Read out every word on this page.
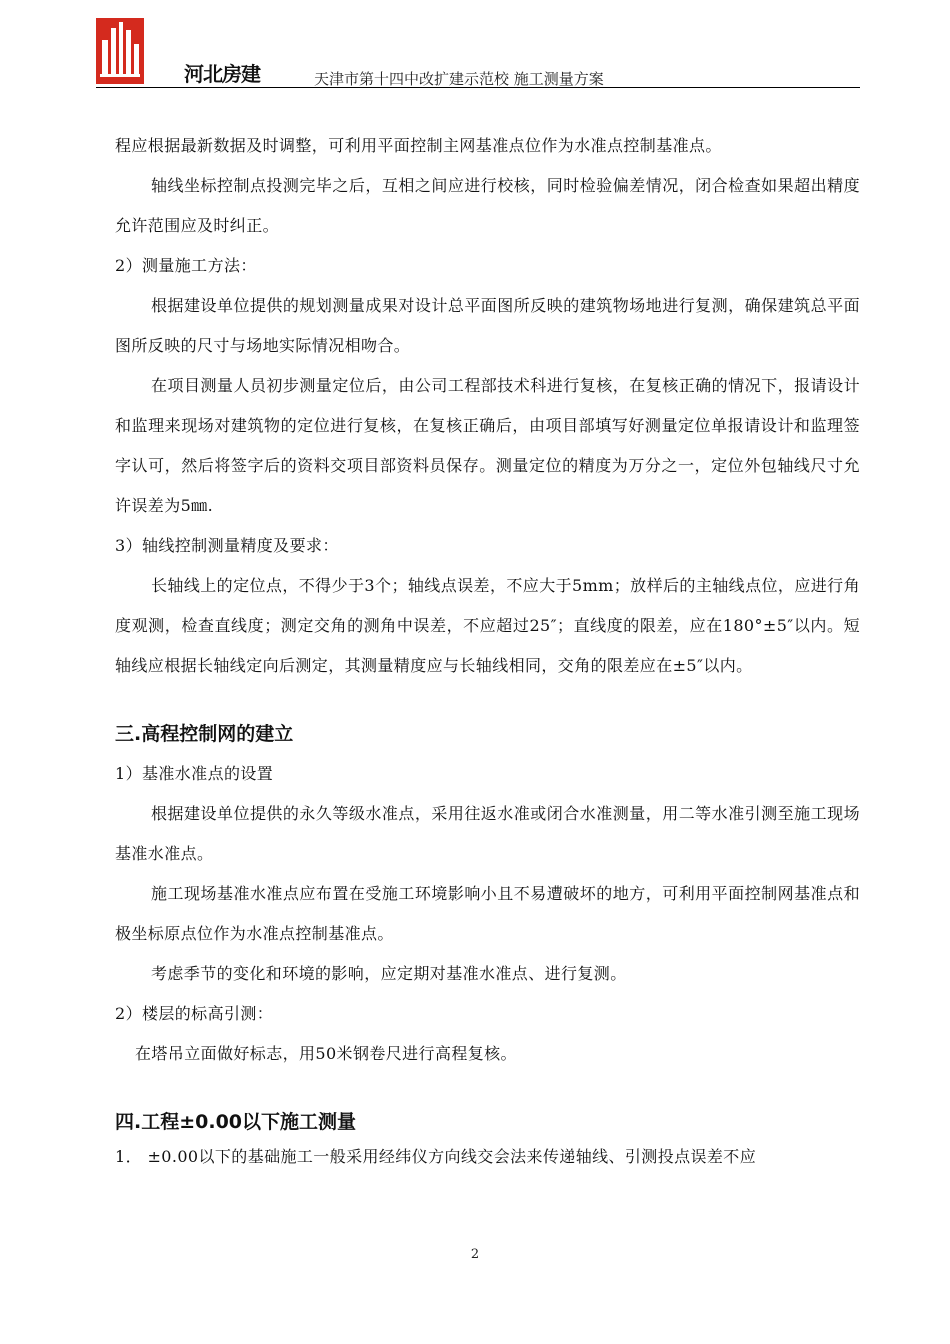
河北房建	天津市第十四中改扩建示范校 施工测量方案

程应根据最新数据及时调整，可利用平面控制主网基准点位作为水准点控制基准点。

轴线坐标控制点投测完毕之后，互相之间应进行校核，同时检验偏差情况，闭合检查如果超出精度允许范围应及时纠正。

2）测量施工方法：

根据建设单位提供的规划测量成果对设计总平面图所反映的建筑物场地进行复测，确保建筑总平面图所反映的尺寸与场地实际情况相吻合。

在项目测量人员初步测量定位后，由公司工程部技术科进行复核，在复核正确的情况下，报请设计和监理来现场对建筑物的定位进行复核，在复核正确后，由项目部填写好测量定位单报请设计和监理签字认可，然后将签字后的资料交项目部资料员保存。测量定位的精度为万分之一，定位外包轴线尺寸允许误差为5㎜.

3）轴线控制测量精度及要求：

长轴线上的定位点，不得少于3个；轴线点误差，不应大于5mm；放样后的主轴线点位，应进行角度观测，检查直线度；测定交角的测角中误差，不应超过25″；直线度的限差，应在180°±5″以内。短轴线应根据长轴线定向后测定，其测量精度应与长轴线相同，交角的限差应在±5″以内。

三.高程控制网的建立

1）基准水准点的设置

根据建设单位提供的永久等级水准点，采用往返水准或闭合水准测量，用二等水准引测至施工现场基准水准点。

施工现场基准水准点应布置在受施工环境影响小且不易遭破坏的地方，可利用平面控制网基准点和极坐标原点位作为水准点控制基准点。

考虑季节的变化和环境的影响，应定期对基准水准点、进行复测。

2）楼层的标高引测：

在塔吊立面做好标志，用50米钢卷尺进行高程复核。

四.工程±0.00以下施工测量

1． ±0.00以下的基础施工一般采用经纬仪方向线交会法来传递轴线、引测投点误差不应

2
